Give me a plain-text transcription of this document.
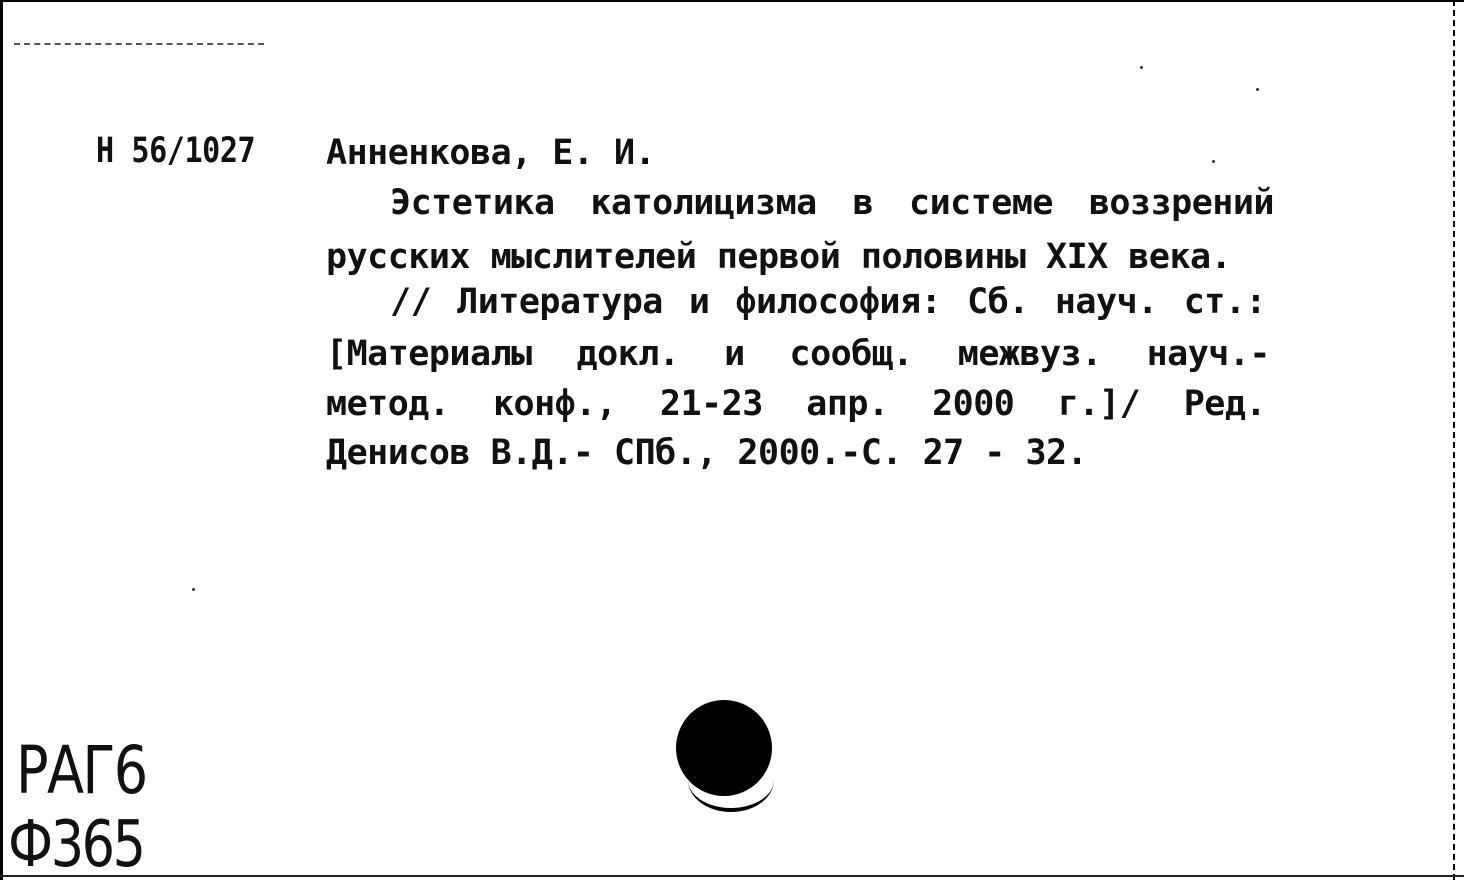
Н 56/1027 Анненкова, Е. И.
Эстетика католицизма в системе воззрений
русских мыслителей первой половины XIX века.
// Литература и философия: Сб. науч. ст.:
[Материалы докл. и сообщ. межвуз. науч.-
метод. конф., 21-23 апр. 2000 г.]/ Ред.
Денисов В.Д.- СПб., 2000.-С. 27 - 32.
РАГ6
Ф365
